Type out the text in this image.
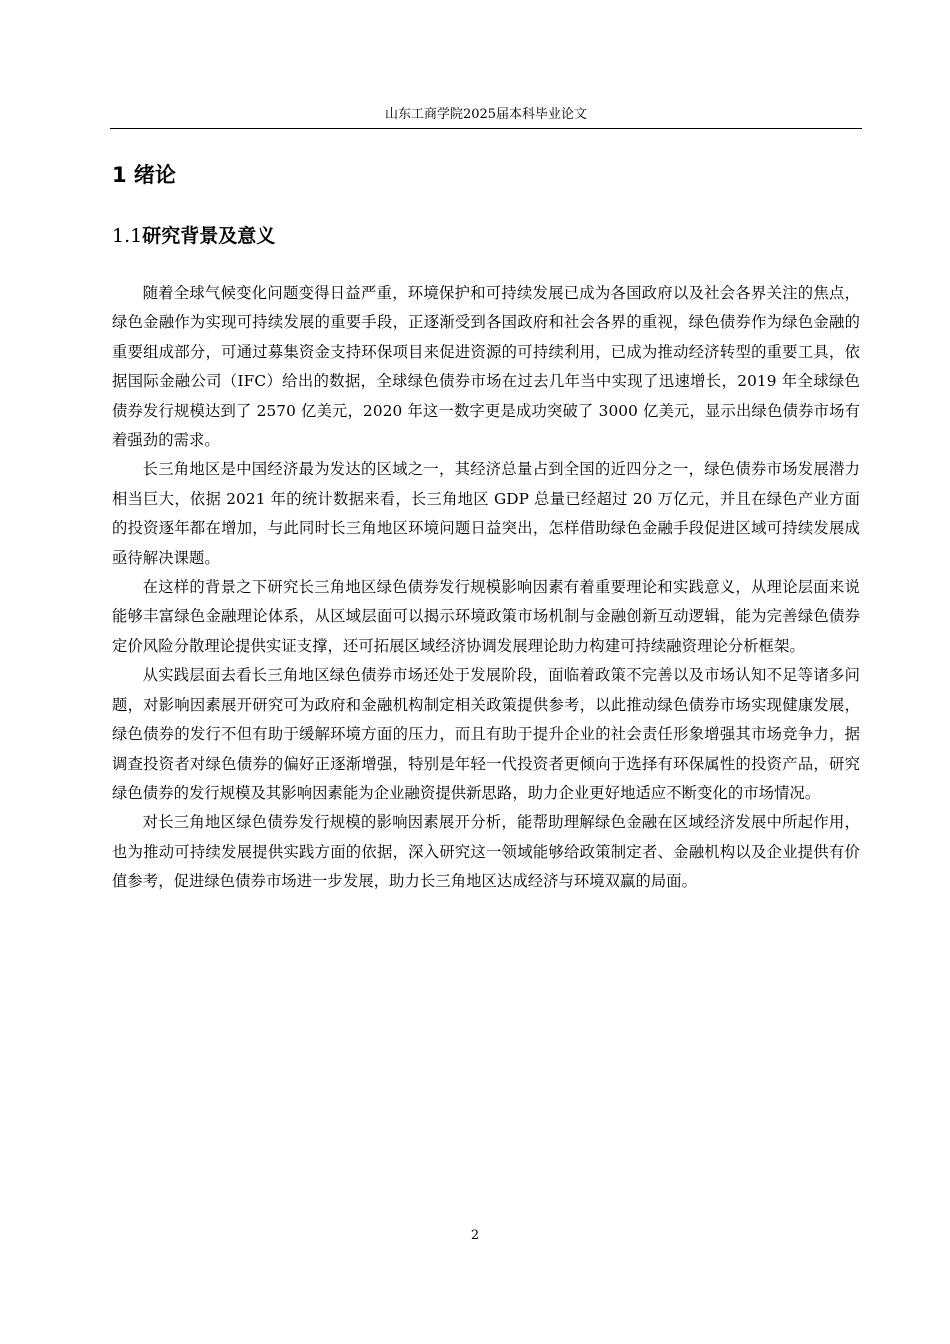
山东工商学院2025届本科毕业论文
1 绪论
1.1研究背景及意义

随着全球气候变化问题变得日益严重，环境保护和可持续发展已成为各国政府以及社会各界关注的焦点，绿色金融作为实现可持续发展的重要手段，正逐渐受到各国政府和社会各界的重视，绿色债券作为绿色金融的重要组成部分，可通过募集资金支持环保项目来促进资源的可持续利用，已成为推动经济转型的重要工具，依据国际金融公司（IFC）给出的数据，全球绿色债券市场在过去几年当中实现了迅速增长，2019 年全球绿色债券发行规模达到了 2570 亿美元，2020 年这一数字更是成功突破了 3000 亿美元，显示出绿色债券市场有着强劲的需求。

长三角地区是中国经济最为发达的区域之一，其经济总量占到全国的近四分之一，绿色债券市场发展潜力相当巨大，依据 2021 年的统计数据来看，长三角地区 GDP 总量已经超过 20 万亿元，并且在绿色产业方面的投资逐年都在增加，与此同时长三角地区环境问题日益突出，怎样借助绿色金融手段促进区域可持续发展成亟待解决课题。

在这样的背景之下研究长三角地区绿色债券发行规模影响因素有着重要理论和实践意义，从理论层面来说能够丰富绿色金融理论体系，从区域层面可以揭示环境政策市场机制与金融创新互动逻辑，能为完善绿色债券定价风险分散理论提供实证支撑，还可拓展区域经济协调发展理论助力构建可持续融资理论分析框架。

从实践层面去看长三角地区绿色债券市场还处于发展阶段，面临着政策不完善以及市场认知不足等诸多问题，对影响因素展开研究可为政府和金融机构制定相关政策提供参考，以此推动绿色债券市场实现健康发展，绿色债券的发行不但有助于缓解环境方面的压力，而且有助于提升企业的社会责任形象增强其市场竞争力，据调查投资者对绿色债券的偏好正逐渐增强，特别是年轻一代投资者更倾向于选择有环保属性的投资产品，研究绿色债券的发行规模及其影响因素能为企业融资提供新思路，助力企业更好地适应不断变化的市场情况。

对长三角地区绿色债券发行规模的影响因素展开分析，能帮助理解绿色金融在区域经济发展中所起作用，也为推动可持续发展提供实践方面的依据，深入研究这一领域能够给政策制定者、金融机构以及企业提供有价值参考，促进绿色债券市场进一步发展，助力长三角地区达成经济与环境双赢的局面。

2
